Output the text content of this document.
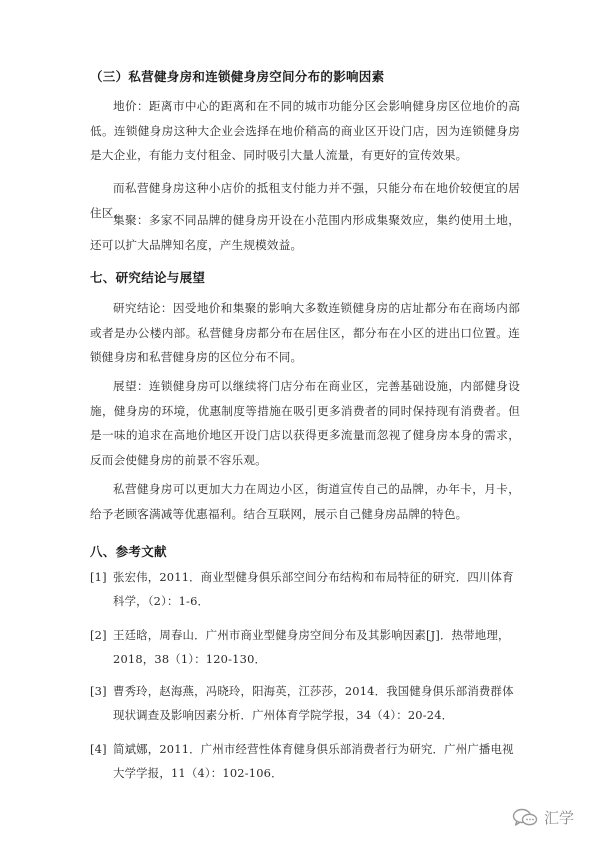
（三）私营健身房和连锁健身房空间分布的影响因素
地价：距离市中心的距离和在不同的城市功能分区会影响健身房区位地价的高低。连锁健身房这种大企业会选择在地价稍高的商业区开设门店，因为连锁健身房是大企业，有能力支付租金、同时吸引大量人流量，有更好的宣传效果。
而私营健身房这种小店价的抵租支付能力并不强，只能分布在地价较便宜的居住区。
集聚：多家不同品牌的健身房开设在小范围内形成集聚效应，集约使用土地，还可以扩大品牌知名度，产生规模效益。
七、研究结论与展望
研究结论：因受地价和集聚的影响大多数连锁健身房的店址都分布在商场内部或者是办公楼内部。私营健身房都分布在居住区，都分布在小区的进出口位置。连锁健身房和私营健身房的区位分布不同。
展望：连锁健身房可以继续将门店分布在商业区，完善基础设施，内部健身设施，健身房的环境，优惠制度等措施在吸引更多消费者的同时保持现有消费者。但是一味的追求在高地价地区开设门店以获得更多流量而忽视了健身房本身的需求，反而会使健身房的前景不容乐观。
私营健身房可以更加大力在周边小区，街道宣传自己的品牌，办年卡，月卡，给予老顾客满减等优惠福利。结合互联网，展示自己健身房品牌的特色。
八、参考文献
[1] 张宏伟，2011．商业型健身俱乐部空间分布结构和布局特征的研究．四川体育科学，（2）：1-6．
[2] 王廷晗，周春山．广州市商业型健身房空间分布及其影响因素[J]．热带地理，2018，38（1）：120-130．
[3] 曹秀玲，赵海燕，冯晓玲，阳海英，江莎莎，2014．我国健身俱乐部消费群体现状调查及影响因素分析．广州体育学院学报，34（4）：20-24．
[4] 简斌娜，2011．广州市经营性体育健身俱乐部消费者行为研究．广州广播电视大学学报，11（4）：102-106．
汇学
